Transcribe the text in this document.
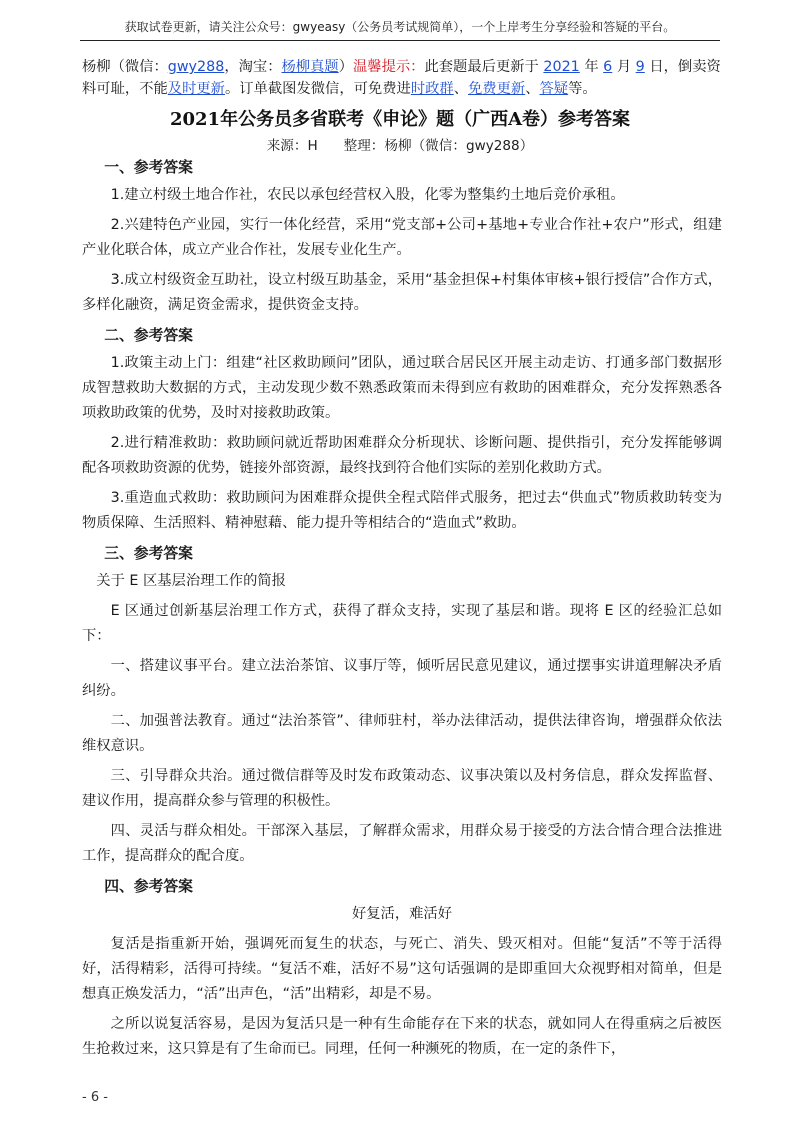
获取试卷更新，请关注公众号：gwyeasy（公务员考试规简单），一个上岸考生分享经验和答疑的平台。
杨柳（微信：gwy288，淘宝：杨柳真题）温馨提示：此套题最后更新于 2021 年 6 月 9 日，倒卖资料可耻，不能及时更新。订单截图发微信，可免费进时政群、免费更新、答疑等。
2021年公务员多省联考《申论》题（广西A卷）参考答案
来源：H      整理：杨柳（微信：gwy288）

一、参考答案

1.建立村级土地合作社，农民以承包经营权入股，化零为整集约土地后竞价承租。

2.兴建特色产业园，实行一体化经营，采用“党支部+公司+基地+专业合作社+农户”形式，组建产业化联合体，成立产业合作社，发展专业化生产。

3.成立村级资金互助社，设立村级互助基金，采用“基金担保+村集体审核+银行授信”合作方式，多样化融资，满足资金需求，提供资金支持。

二、参考答案

1.政策主动上门：组建“社区救助顾问”团队，通过联合居民区开展主动走访、打通多部门数据形成智慧救助大数据的方式，主动发现少数不熟悉政策而未得到应有救助的困难群众，充分发挥熟悉各项救助政策的优势，及时对接救助政策。

2.进行精准救助：救助顾问就近帮助困难群众分析现状、诊断问题、提供指引，充分发挥能够调配各项救助资源的优势，链接外部资源，最终找到符合他们实际的差别化救助方式。

3.重造血式救助：救助顾问为困难群众提供全程式陪伴式服务，把过去“供血式”物质救助转变为物质保障、生活照料、精神慰藉、能力提升等相结合的“造血式”救助。

三、参考答案

关于 E 区基层治理工作的简报

E 区通过创新基层治理工作方式，获得了群众支持，实现了基层和谐。现将 E 区的经验汇总如下：

一、搭建议事平台。建立法治茶馆、议事厅等，倾听居民意见建议，通过摆事实讲道理解决矛盾纠纷。

二、加强普法教育。通过“法治茶管”、律师驻村，举办法律活动，提供法律咨询，增强群众依法维权意识。

三、引导群众共治。通过微信群等及时发布政策动态、议事决策以及村务信息，群众发挥监督、建议作用，提高群众参与管理的积极性。

四、灵活与群众相处。干部深入基层，了解群众需求，用群众易于接受的方法合情合理合法推进工作，提高群众的配合度。

四、参考答案

好复活，难活好

复活是指重新开始，强调死而复生的状态，与死亡、消失、毁灭相对。但能“复活”不等于活得好，活得精彩，活得可持续。“复活不难，活好不易”这句话强调的是即重回大众视野相对简单，但是想真正焕发活力，“活”出声色，“活”出精彩，却是不易。

之所以说复活容易，是因为复活只是一种有生命能存在下来的状态，就如同人在得重病之后被医生抢救过来，这只算是有了生命而已。同理，任何一种濒死的物质，在一定的条件下，

- 6 -
